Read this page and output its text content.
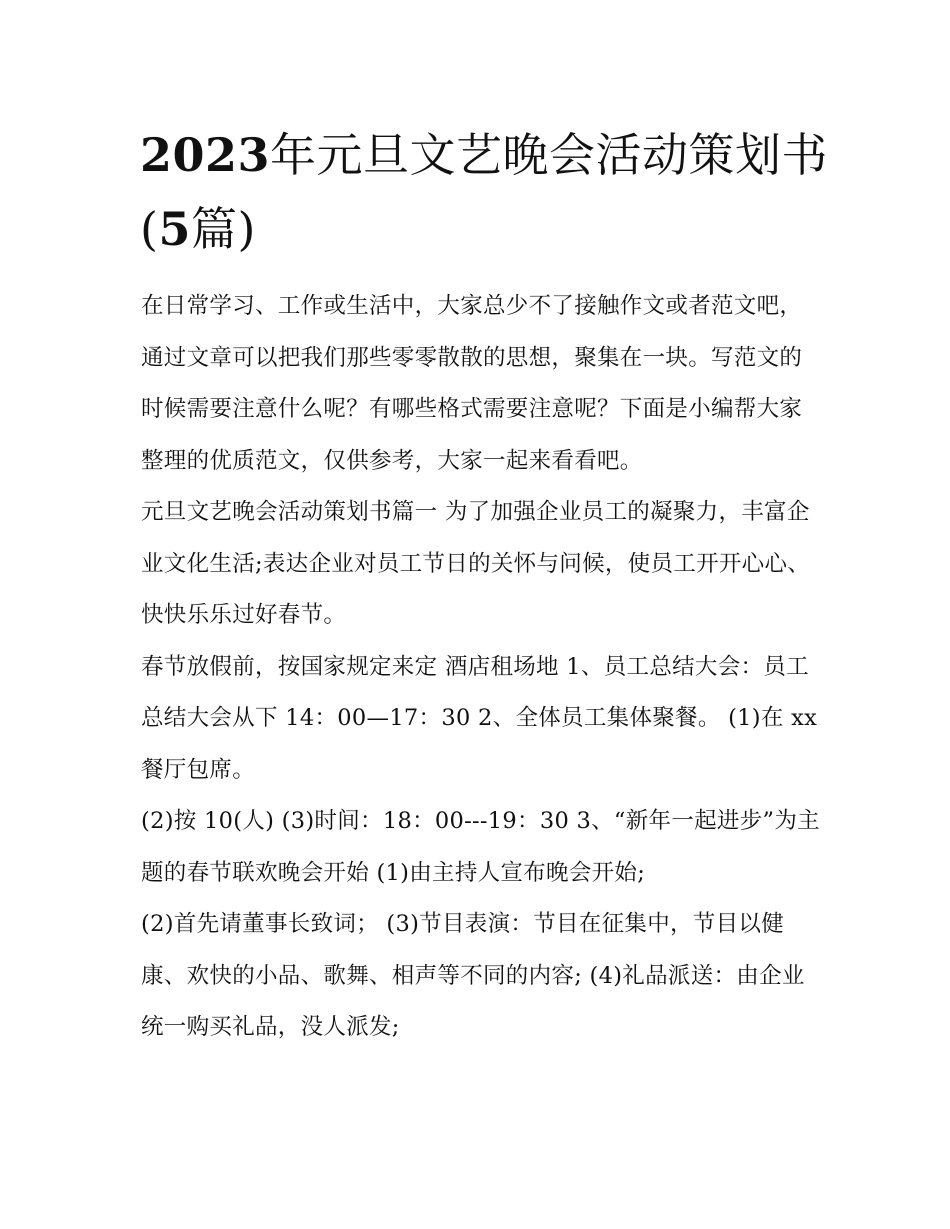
2023年元旦文艺晚会活动策划书(5篇)

在日常学习、工作或生活中，大家总少不了接触作文或者范文吧，通过文章可以把我们那些零零散散的思想，聚集在一块。写范文的时候需要注意什么呢？有哪些格式需要注意呢？下面是小编帮大家整理的优质范文，仅供参考，大家一起来看看吧。

元旦文艺晚会活动策划书篇一 为了加强企业员工的凝聚力，丰富企业文化生活;表达企业对员工节日的关怀与问候，使员工开开心心、快快乐乐过好春节。

春节放假前，按国家规定来定 酒店租场地 1、员工总结大会：员工总结大会从下 14：00—17：30 2、全体员工集体聚餐。 (1)在 xx 餐厅包席。

(2)按 10(人) (3)时间：18：00---19：30 3、“新年一起进步”为主题的春节联欢晚会开始 (1)由主持人宣布晚会开始;

(2)首先请董事长致词； (3)节目表演：节目在征集中，节目以健康、欢快的小品、歌舞、相声等不同的内容; (4)礼品派送：由企业统一购买礼品，没人派发;
